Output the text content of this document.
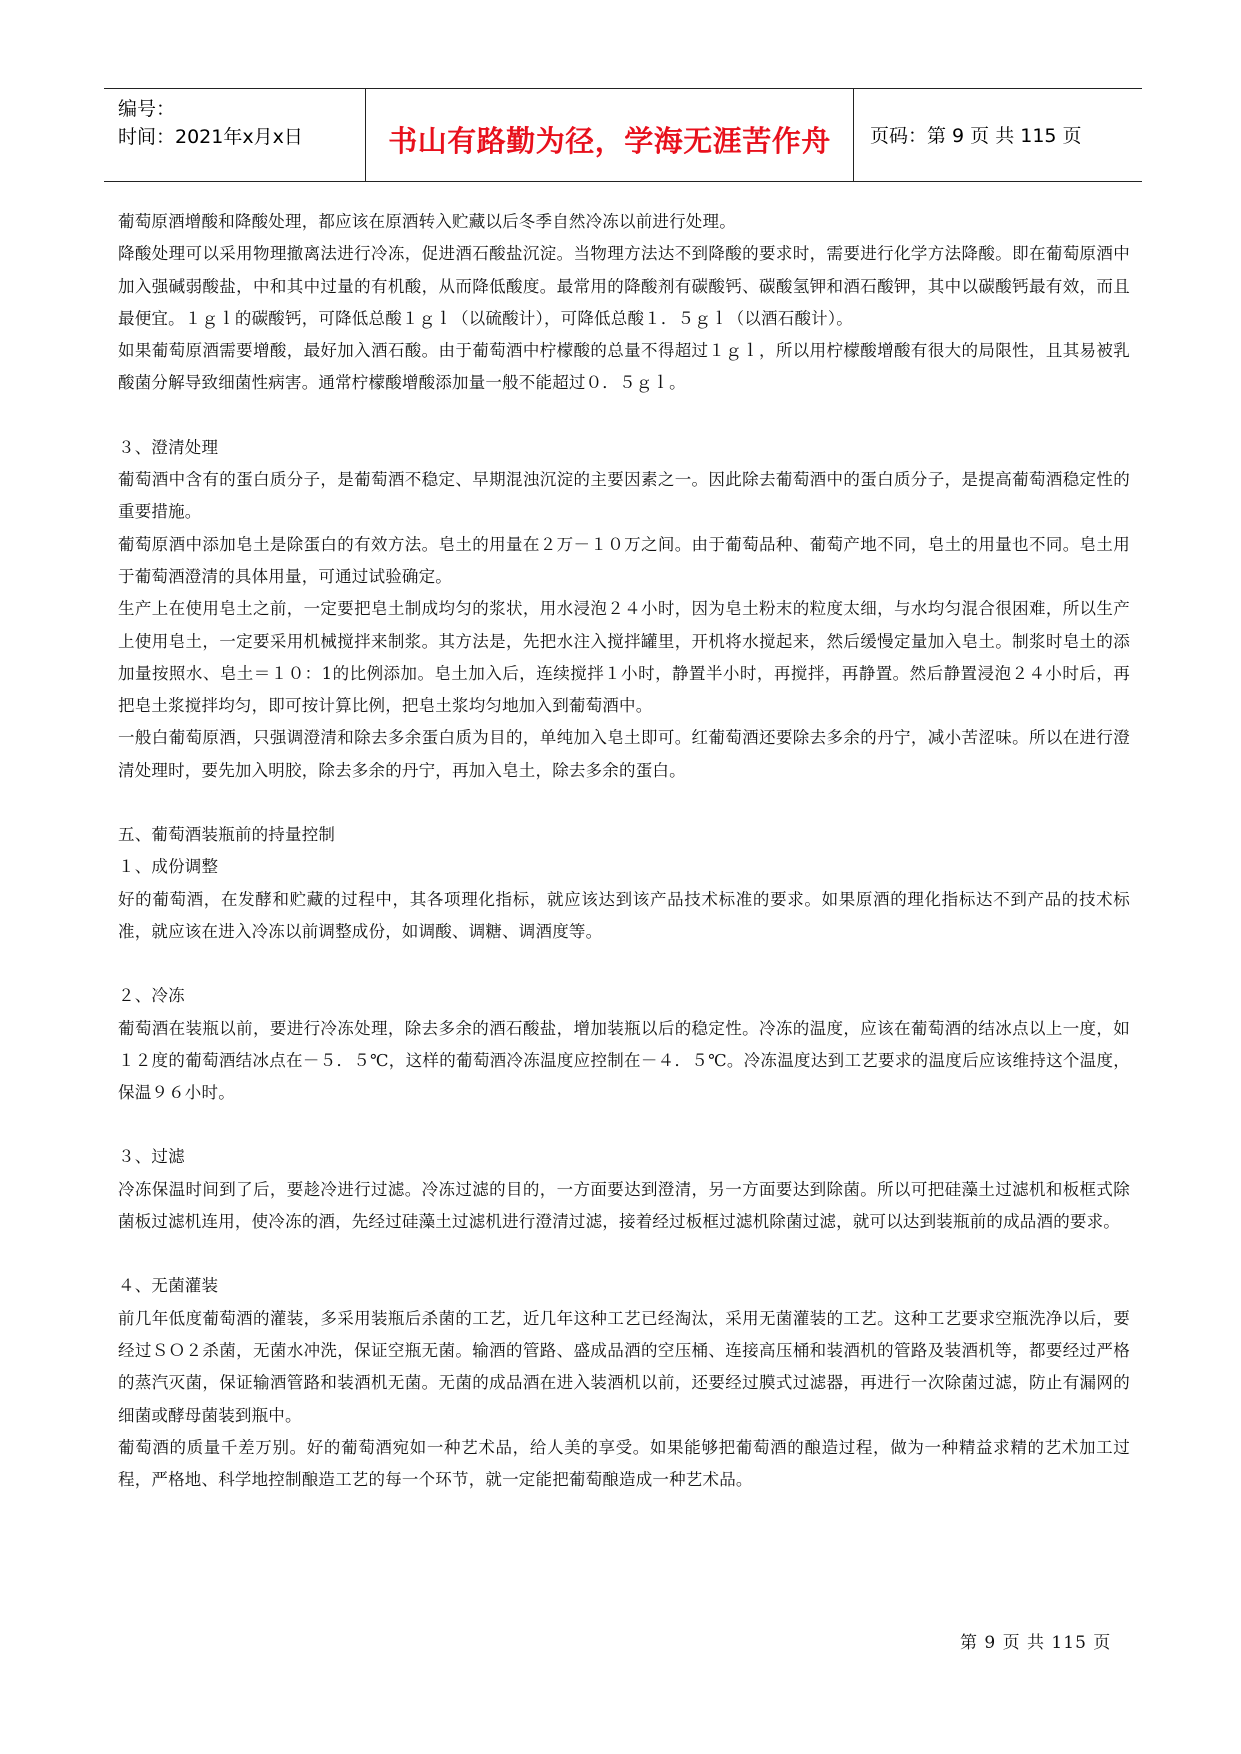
编号：
时间：2021年x月x日	书山有路勤为径，学海无涯苦作舟	页码：第 9 页 共 115 页

葡萄原酒增酸和降酸处理，都应该在原酒转入贮藏以后冬季自然冷冻以前进行处理。

降酸处理可以采用物理撤离法进行冷冻，促进酒石酸盐沉淀。当物理方法达不到降酸的要求时，需要进行化学方法降酸。即在葡萄原酒中加入强碱弱酸盐，中和其中过量的有机酸，从而降低酸度。最常用的降酸剂有碳酸钙、碳酸氢钾和酒石酸钾，其中以碳酸钙最有效，而且最便宜。１ｇｌ的碳酸钙，可降低总酸１ｇｌ（以硫酸计），可降低总酸１．５ｇｌ（以酒石酸计）。

如果葡萄原酒需要增酸，最好加入酒石酸。由于葡萄酒中柠檬酸的总量不得超过１ｇｌ，所以用柠檬酸增酸有很大的局限性，且其易被乳酸菌分解导致细菌性病害。通常柠檬酸增酸添加量一般不能超过０．５ｇｌ。

３、澄清处理

葡萄酒中含有的蛋白质分子，是葡萄酒不稳定、早期混浊沉淀的主要因素之一。因此除去葡萄酒中的蛋白质分子，是提高葡萄酒稳定性的重要措施。

葡萄原酒中添加皂土是除蛋白的有效方法。皂土的用量在２万－１０万之间。由于葡萄品种、葡萄产地不同，皂土的用量也不同。皂土用于葡萄酒澄清的具体用量，可通过试验确定。

生产上在使用皂土之前，一定要把皂土制成均匀的浆状，用水浸泡２４小时，因为皂土粉末的粒度太细，与水均匀混合很困难，所以生产上使用皂土，一定要采用机械搅拌来制浆。其方法是，先把水注入搅拌罐里，开机将水搅起来，然后缓慢定量加入皂土。制浆时皂土的添加量按照水、皂土＝１０：1的比例添加。皂土加入后，连续搅拌１小时，静置半小时，再搅拌，再静置。然后静置浸泡２４小时后，再把皂土浆搅拌均匀，即可按计算比例，把皂土浆均匀地加入到葡萄酒中。

一般白葡萄原酒，只强调澄清和除去多余蛋白质为目的，单纯加入皂土即可。红葡萄酒还要除去多余的丹宁，减小苦涩味。所以在进行澄清处理时，要先加入明胶，除去多余的丹宁，再加入皂土，除去多余的蛋白。

五、葡萄酒装瓶前的持量控制

１、成份调整

好的葡萄酒，在发酵和贮藏的过程中，其各项理化指标，就应该达到该产品技术标准的要求。如果原酒的理化指标达不到产品的技术标准，就应该在进入冷冻以前调整成份，如调酸、调糖、调酒度等。

２、冷冻

葡萄酒在装瓶以前，要进行冷冻处理，除去多余的酒石酸盐，增加装瓶以后的稳定性。冷冻的温度，应该在葡萄酒的结冰点以上一度，如１２度的葡萄酒结冰点在－５．５℃，这样的葡萄酒冷冻温度应控制在－４．５℃。冷冻温度达到工艺要求的温度后应该维持这个温度，保温９６小时。

３、过滤

冷冻保温时间到了后，要趁冷进行过滤。冷冻过滤的目的，一方面要达到澄清，另一方面要达到除菌。所以可把硅藻土过滤机和板框式除菌板过滤机连用，使冷冻的酒，先经过硅藻土过滤机进行澄清过滤，接着经过板框过滤机除菌过滤，就可以达到装瓶前的成品酒的要求。

４、无菌灌装

前几年低度葡萄酒的灌装，多采用装瓶后杀菌的工艺，近几年这种工艺已经淘汰，采用无菌灌装的工艺。这种工艺要求空瓶洗净以后，要经过ＳＯ２杀菌，无菌水冲洗，保证空瓶无菌。输酒的管路、盛成品酒的空压桶、连接高压桶和装酒机的管路及装酒机等，都要经过严格的蒸汽灭菌，保证输酒管路和装酒机无菌。无菌的成品酒在进入装酒机以前，还要经过膜式过滤器，再进行一次除菌过滤，防止有漏网的细菌或酵母菌装到瓶中。

葡萄酒的质量千差万别。好的葡萄酒宛如一种艺术品，给人美的享受。如果能够把葡萄酒的酿造过程，做为一种精益求精的艺术加工过程，严格地、科学地控制酿造工艺的每一个环节，就一定能把葡萄酿造成一种艺术品。

第 9 页 共 115 页
